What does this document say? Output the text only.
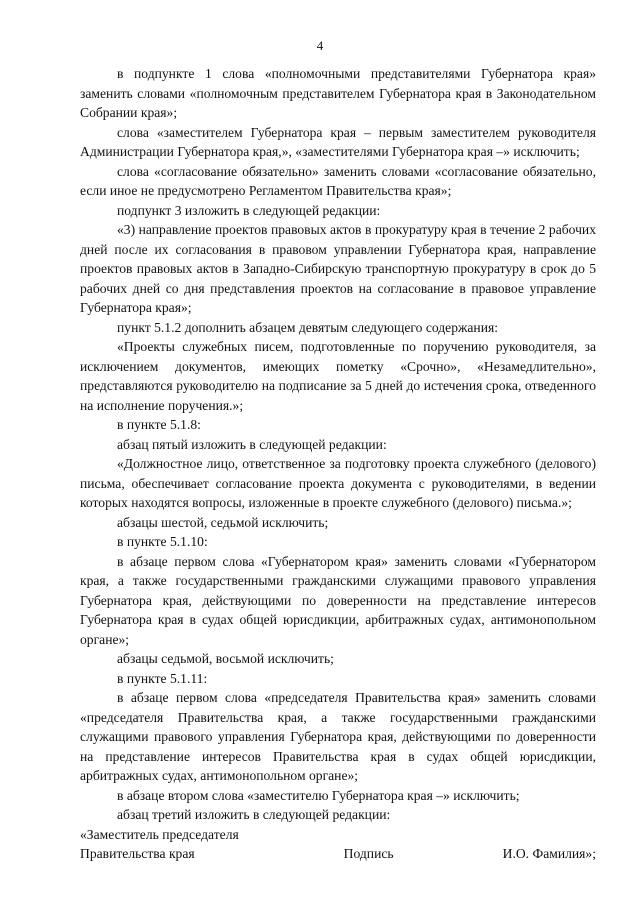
4

в подпункте 1 слова «полномочными представителями Губернатора края» заменить словами «полномочным представителем Губернатора края в Законодательном Собрании края»;

слова «заместителем Губернатора края – первым заместителем руководителя Администрации Губернатора края,», «заместителями Губернатора края –» исключить;

слова «согласование обязательно» заменить словами «согласование обязательно, если иное не предусмотрено Регламентом Правительства края»;

подпункт 3 изложить в следующей редакции:

«3) направление проектов правовых актов в прокуратуру края в течение 2 рабочих дней после их согласования в правовом управлении Губернатора края, направление проектов правовых актов в Западно-Сибирскую транспортную прокуратуру в срок до 5 рабочих дней со дня представления проектов на согласование в правовое управление Губернатора края»;

пункт 5.1.2 дополнить абзацем девятым следующего содержания:

«Проекты служебных писем, подготовленные по поручению руководителя, за исключением документов, имеющих пометку «Срочно», «Незамедлительно», представляются руководителю на подписание за 5 дней до истечения срока, отведенного на исполнение поручения.»;

в пункте 5.1.8:

абзац пятый изложить в следующей редакции:

«Должностное лицо, ответственное за подготовку проекта служебного (делового) письма, обеспечивает согласование проекта документа с руководителями, в ведении которых находятся вопросы, изложенные в проекте служебного (делового) письма.»;

абзацы шестой, седьмой исключить;

в пункте 5.1.10:

в абзаце первом слова «Губернатором края» заменить словами «Губернатором края, а также государственными гражданскими служащими правового управления Губернатора края, действующими по доверенности на представление интересов Губернатора края в судах общей юрисдикции, арбитражных судах, антимонопольном органе»;

абзацы седьмой, восьмой исключить;

в пункте 5.1.11:

в абзаце первом слова «председателя Правительства края» заменить словами «председателя Правительства края, а также государственными гражданскими служащими правового управления Губернатора края, действующими по доверенности на представление интересов Правительства края в судах общей юрисдикции, арбитражных судах, антимонопольном органе»;

в абзаце втором слова «заместителю Губернатора края –» исключить;

абзац третий изложить в следующей редакции:

«Заместитель председателя

Правительства края	Подпись	И.О. Фамилия»;
